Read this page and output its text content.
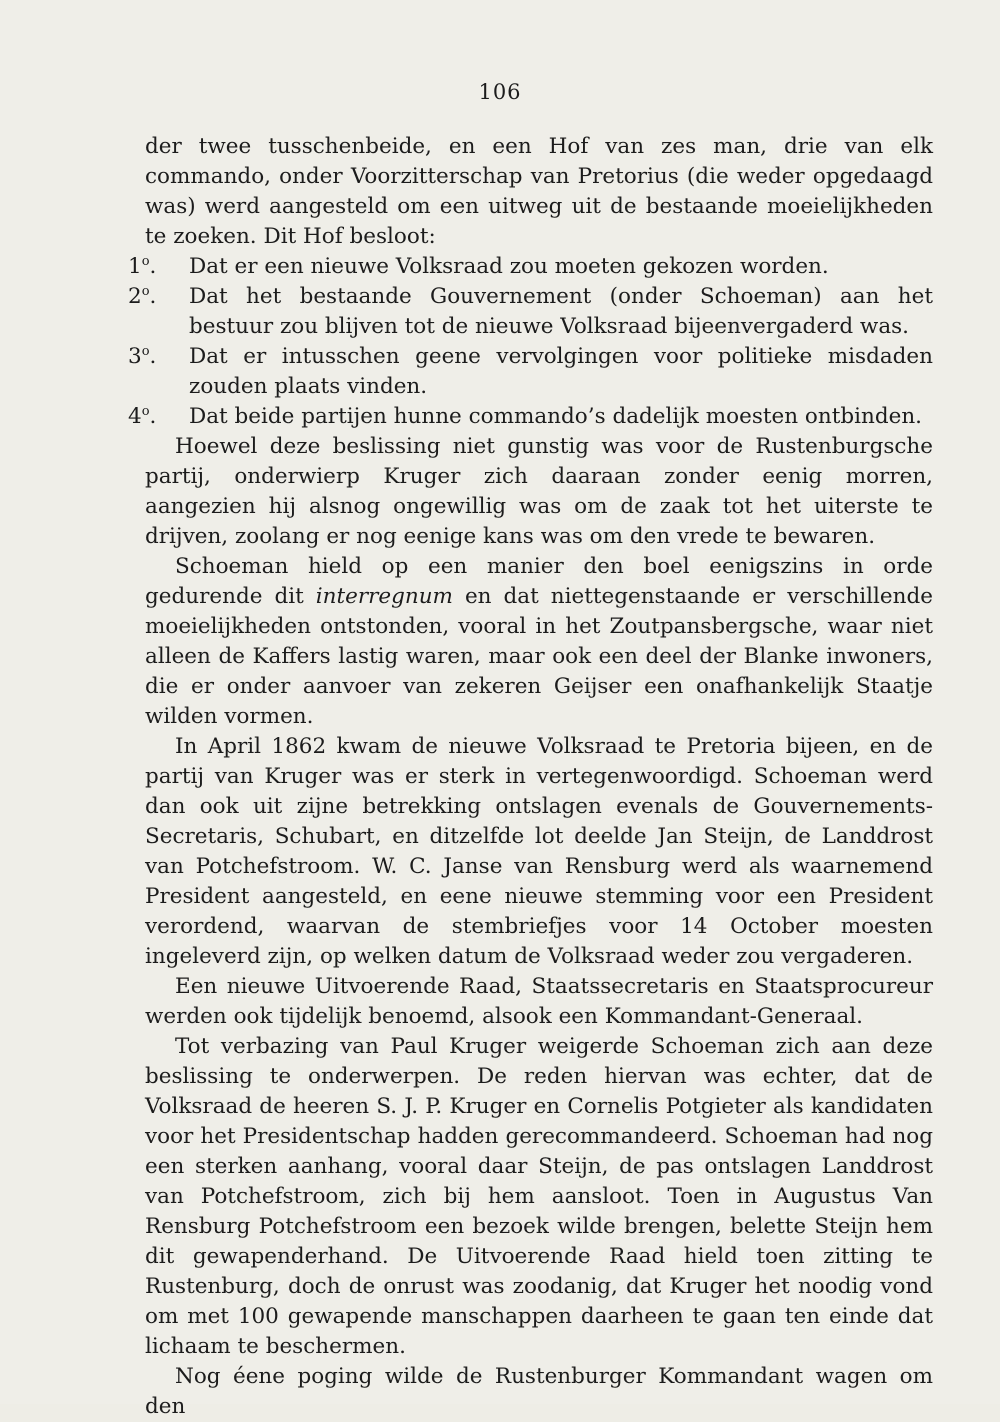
106

der twee tusschenbeide, en een Hof van zes man, drie van elk commando, onder Voorzitterschap van Pretorius (die weder opgedaagd was) werd aangesteld om een uitweg uit de bestaande moeielijkheden te zoeken. Dit Hof besloot:

1$^o$. Dat er een nieuwe Volksraad zou moeten gekozen worden.
2$^o$. Dat het bestaande Gouvernement (onder Schoeman) aan het bestuur zou blijven tot de nieuwe Volksraad bijeenvergaderd was.
3$^o$. Dat er intusschen geene vervolgingen voor politieke misdaden zouden plaats vinden.
4$^o$. Dat beide partijen hunne commando’s dadelijk moesten ontbinden.

Hoewel deze beslissing niet gunstig was voor de Rustenburgsche partij, onderwierp Kruger zich daaraan zonder eenig morren, aangezien hij alsnog ongewillig was om de zaak tot het uiterste te drijven, zoolang er nog eenige kans was om den vrede te bewaren.

Schoeman hield op een manier den boel eenigszins in orde gedurende dit interregnum en dat niettegenstaande er verschillende moeielijkheden ontstonden, vooral in het Zoutpansbergsche, waar niet alleen de Kaffers lastig waren, maar ook een deel der Blanke inwoners, die er onder aanvoer van zekeren Geijser een onafhankelijk Staatje wilden vormen.

In April 1862 kwam de nieuwe Volksraad te Pretoria bijeen, en de partij van Kruger was er sterk in vertegenwoordigd. Schoeman werd dan ook uit zijne betrekking ontslagen evenals de Gouvernements-Secretaris, Schubart, en ditzelfde lot deelde Jan Steijn, de Landdrost van Potchefstroom. W. C. Janse van Rensburg werd als waarnemend President aangesteld, en eene nieuwe stemming voor een President verordend, waarvan de stembriefjes voor 14 October moesten ingeleverd zijn, op welken datum de Volksraad weder zou vergaderen.

Een nieuwe Uitvoerende Raad, Staatssecretaris en Staatsprocureur werden ook tijdelijk benoemd, alsook een Kommandant-Generaal.

Tot verbazing van Paul Kruger weigerde Schoeman zich aan deze beslissing te onderwerpen. De reden hiervan was echter, dat de Volksraad de heeren S. J. P. Kruger en Cornelis Potgieter als kandidaten voor het Presidentschap hadden gerecommandeerd. Schoeman had nog een sterken aanhang, vooral daar Steijn, de pas ontslagen Landdrost van Potchefstroom, zich bij hem aansloot. Toen in Augustus Van Rensburg Potchefstroom een bezoek wilde brengen, belette Steijn hem dit gewapenderhand. De Uitvoerende Raad hield toen zitting te Rustenburg, doch de onrust was zoodanig, dat Kruger het noodig vond om met 100 gewapende manschappen daarheen te gaan ten einde dat lichaam te beschermen.

Nog éene poging wilde de Rustenburger Kommandant wagen om den
